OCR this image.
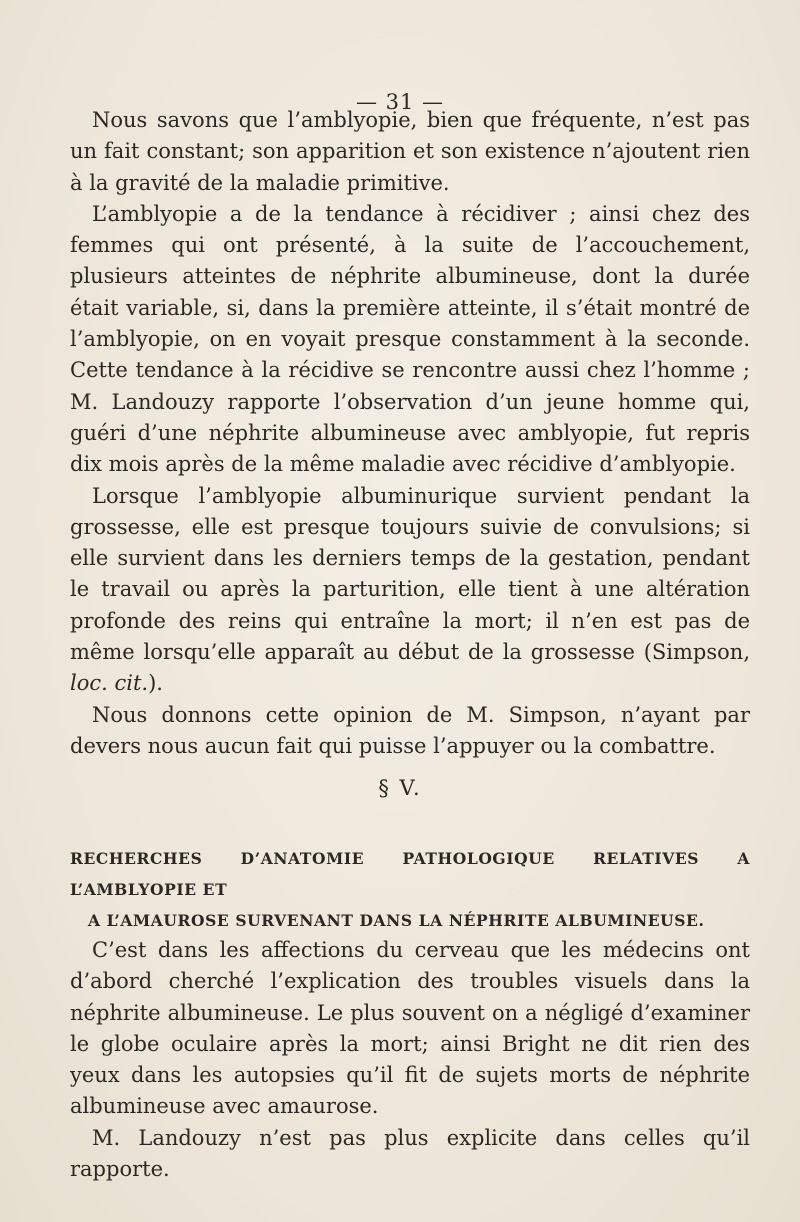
— 31 —

Nous savons que l’amblyopie, bien que fréquente, n’est pas un fait constant; son apparition et son existence n’ajoutent rien à la gravité de la maladie primitive.

L’amblyopie a de la tendance à récidiver ; ainsi chez des femmes qui ont présenté, à la suite de l’accouchement, plusieurs atteintes de néphrite albumineuse, dont la durée était variable, si, dans la première atteinte, il s’était montré de l’amblyopie, on en voyait presque constamment à la seconde. Cette tendance à la récidive se rencontre aussi chez l’homme ; M. Landouzy rapporte l’observation d’un jeune homme qui, guéri d’une néphrite albumineuse avec amblyopie, fut repris dix mois après de la même maladie avec récidive d’amblyopie.

Lorsque l’amblyopie albuminurique survient pendant la grossesse, elle est presque toujours suivie de convulsions; si elle survient dans les derniers temps de la gestation, pendant le travail ou après la parturition, elle tient à une altération profonde des reins qui entraîne la mort; il n’en est pas de même lorsqu’elle apparaît au début de la grossesse (Simpson, loc. cit.).

Nous donnons cette opinion de M. Simpson, n’ayant par devers nous aucun fait qui puisse l’appuyer ou la combattre.

§ V.
RECHERCHES D’ANATOMIE PATHOLOGIQUE RELATIVES A L’AMBLYOPIE ET
A L’AMAUROSE SURVENANT DANS LA NÉPHRITE ALBUMINEUSE.

C’est dans les affections du cerveau que les médecins ont d’abord cherché l’explication des troubles visuels dans la néphrite albumineuse. Le plus souvent on a négligé d’examiner le globe oculaire après la mort; ainsi Bright ne dit rien des yeux dans les autopsies qu’il fit de sujets morts de néphrite albumineuse avec amaurose.

M. Landouzy n’est pas plus explicite dans celles qu’il rapporte.
